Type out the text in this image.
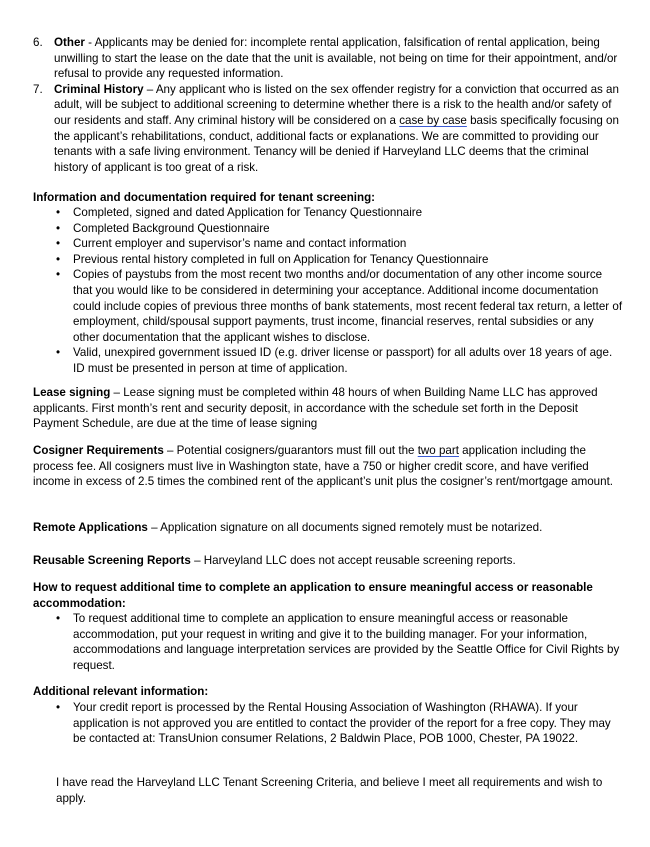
6. Other - Applicants may be denied for: incomplete rental application, falsification of rental application, being unwilling to start the lease on the date that the unit is available, not being on time for their appointment, and/or refusal to provide any requested information.
7. Criminal History – Any applicant who is listed on the sex offender registry for a conviction that occurred as an adult, will be subject to additional screening to determine whether there is a risk to the health and/or safety of our residents and staff. Any criminal history will be considered on a case by case basis specifically focusing on the applicant’s rehabilitations, conduct, additional facts or explanations. We are committed to providing our tenants with a safe living environment. Tenancy will be denied if Harveyland LLC deems that the criminal history of applicant is too great of a risk.

Information and documentation required for tenant screening:

• Completed, signed and dated Application for Tenancy Questionnaire
• Completed Background Questionnaire
• Current employer and supervisor’s name and contact information
• Previous rental history completed in full on Application for Tenancy Questionnaire
• Copies of paystubs from the most recent two months and/or documentation of any other income source that you would like to be considered in determining your acceptance. Additional income documentation could include copies of previous three months of bank statements, most recent federal tax return, a letter of employment, child/spousal support payments, trust income, financial reserves, rental subsidies or any other documentation that the applicant wishes to disclose.
• Valid, unexpired government issued ID (e.g. driver license or passport) for all adults over 18 years of age. ID must be presented in person at time of application.

Lease signing – Lease signing must be completed within 48 hours of when Building Name LLC has approved applicants. First month’s rent and security deposit, in accordance with the schedule set forth in the Deposit Payment Schedule, are due at the time of lease signing

Cosigner Requirements – Potential cosigners/guarantors must fill out the two part application including the process fee. All cosigners must live in Washington state, have a 750 or higher credit score, and have verified income in excess of 2.5 times the combined rent of the applicant’s unit plus the cosigner’s rent/mortgage amount.

Remote Applications – Application signature on all documents signed remotely must be notarized.

Reusable Screening Reports – Harveyland LLC does not accept reusable screening reports.

How to request additional time to complete an application to ensure meaningful access or reasonable accommodation:

• To request additional time to complete an application to ensure meaningful access or reasonable accommodation, put your request in writing and give it to the building manager. For your information, accommodations and language interpretation services are provided by the Seattle Office for Civil Rights by request.

Additional relevant information:

• Your credit report is processed by the Rental Housing Association of Washington (RHAWA). If your application is not approved you are entitled to contact the provider of the report for a free copy. They may be contacted at: TransUnion consumer Relations, 2 Baldwin Place, POB 1000, Chester, PA 19022.

I have read the Harveyland LLC Tenant Screening Criteria, and believe I meet all requirements and wish to apply.
